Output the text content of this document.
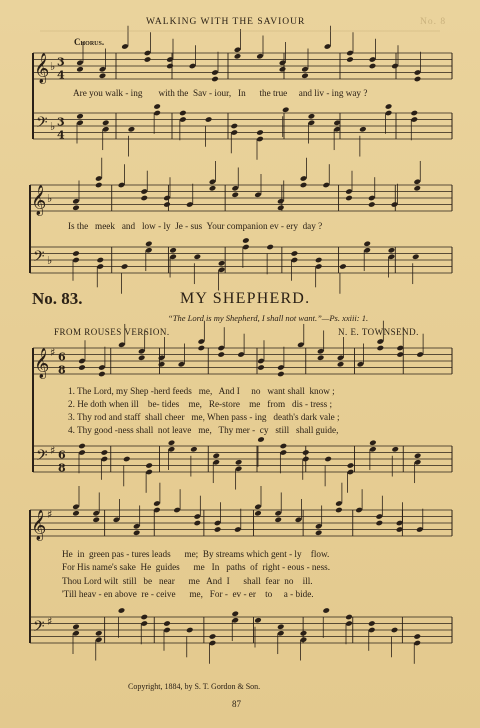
WALKING WITH THE SAVIOUR	No. 8
Chorus.
𝄞 ♭ 3
4
𝄢 ♭ 3
4
𝄞 ♭
𝄢 ♭
𝄞 ♯ 6
8
𝄢 ♯ 6
8
𝄞 ♯
𝄢 ♯
Are you walk - ing with the Sav - iour, In the true and liv - ing way ?
Is the meek and low - ly Je - sus Your companion ev - ery day ?
No. 83.	MY SHEPHERD.
“The Lord is my Shepherd, I shall not want.”—Ps. xxiii: 1.
FROM ROUSES VERSION.	N. E. TOWNSEND.
1. The Lord, my Shep -herd feeds   me,   And I     no   want shall  know ;
2. He doth when ill    be- tides    me,   Re-store    me   from   dis - tress ;
3. Thy rod and staff  shall cheer   me, When pass - ing   death's dark vale ;
4. Thy good -ness shall  not leave   me,   Thy mer -  cy   still   shall guide,
He  in  green pas - tures leads      me;  By streams which gent - ly    flow.
For His name's sake  He  guides      me   In   paths  of  right - eous - ness.
Thou Lord wilt  still   be   near      me   And  I      shall  fear  no    ill.
'Till heav - en above  re - ceive      me,   For -  ev - er    to     a - bide.
Copyright, 1884, by S. T. Gordon & Son.
87
